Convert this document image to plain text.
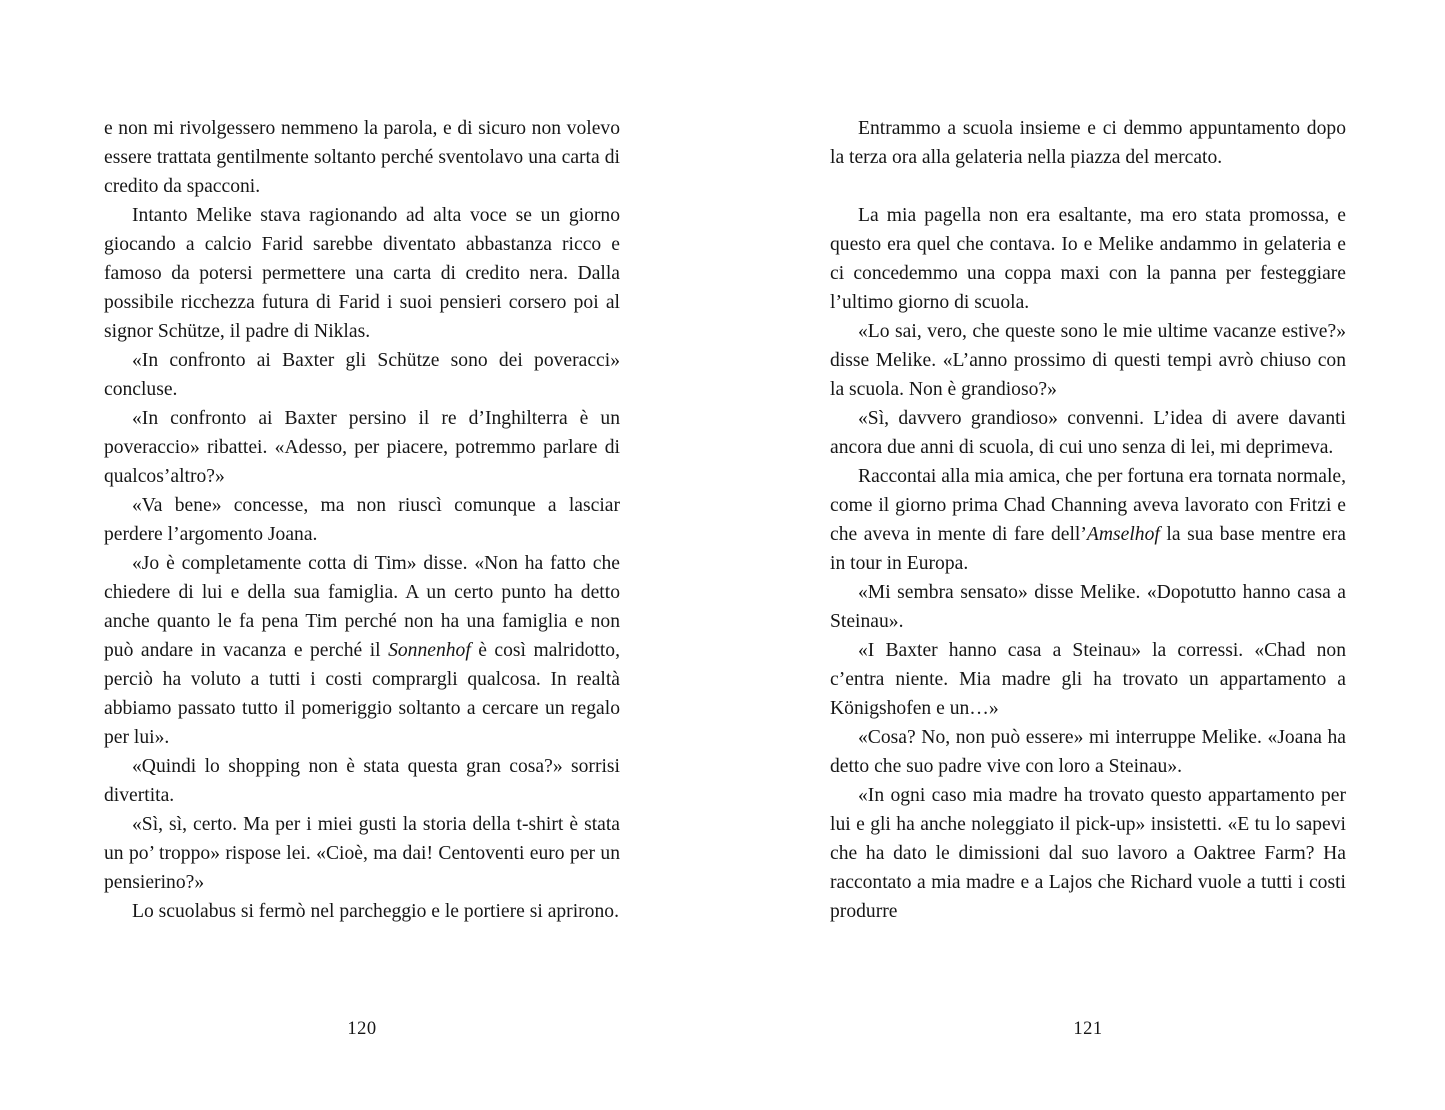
e non mi rivolgessero nemmeno la parola, e di sicuro non volevo essere trattata gentilmente soltanto perché sventolavo una carta di credito da spacconi.

Intanto Melike stava ragionando ad alta voce se un giorno giocando a calcio Farid sarebbe diventato abbastanza ricco e famoso da potersi permettere una carta di credito nera. Dalla possibile ricchezza futura di Farid i suoi pensieri corsero poi al signor Schütze, il padre di Niklas.

«In confronto ai Baxter gli Schütze sono dei poveracci» concluse.

«In confronto ai Baxter persino il re d’Inghilterra è un poveraccio» ribattei. «Adesso, per piacere, potremmo parlare di qualcos’altro?»

«Va bene» concesse, ma non riuscì comunque a lasciar perdere l’argomento Joana.

«Jo è completamente cotta di Tim» disse. «Non ha fatto che chiedere di lui e della sua famiglia. A un certo punto ha detto anche quanto le fa pena Tim perché non ha una famiglia e non può andare in vacanza e perché il Sonnenhof è così malridotto, perciò ha voluto a tutti i costi comprargli qualcosa. In realtà abbiamo passato tutto il pomeriggio soltanto a cercare un regalo per lui».

«Quindi lo shopping non è stata questa gran cosa?» sorrisi divertita.

«Sì, sì, certo. Ma per i miei gusti la storia della t-shirt è stata un po’ troppo» rispose lei. «Cioè, ma dai! Centoventi euro per un pensierino?»

Lo scuolabus si fermò nel parcheggio e le portiere si aprirono.

120

Entrammo a scuola insieme e ci demmo appuntamento dopo la terza ora alla gelateria nella piazza del mercato.

La mia pagella non era esaltante, ma ero stata promossa, e questo era quel che contava. Io e Melike andammo in gelateria e ci concedemmo una coppa maxi con la panna per festeggiare l’ultimo giorno di scuola.

«Lo sai, vero, che queste sono le mie ultime vacanze estive?» disse Melike. «L’anno prossimo di questi tempi avrò chiuso con la scuola. Non è grandioso?»

«Sì, davvero grandioso» convenni. L’idea di avere davanti ancora due anni di scuola, di cui uno senza di lei, mi deprimeva.

Raccontai alla mia amica, che per fortuna era tornata normale, come il giorno prima Chad Channing aveva lavorato con Fritzi e che aveva in mente di fare dell’Amselhof la sua base mentre era in tour in Europa.

«Mi sembra sensato» disse Melike. «Dopotutto hanno casa a Steinau».

«I Baxter hanno casa a Steinau» la corressi. «Chad non c’entra niente. Mia madre gli ha trovato un appartamento a Königshofen e un…»

«Cosa? No, non può essere» mi interruppe Melike. «Joana ha detto che suo padre vive con loro a Steinau».

«In ogni caso mia madre ha trovato questo appartamento per lui e gli ha anche noleggiato il pick-up» insistetti. «E tu lo sapevi che ha dato le dimissioni dal suo lavoro a Oaktree Farm? Ha raccontato a mia madre e a Lajos che Richard vuole a tutti i costi produrre

121
